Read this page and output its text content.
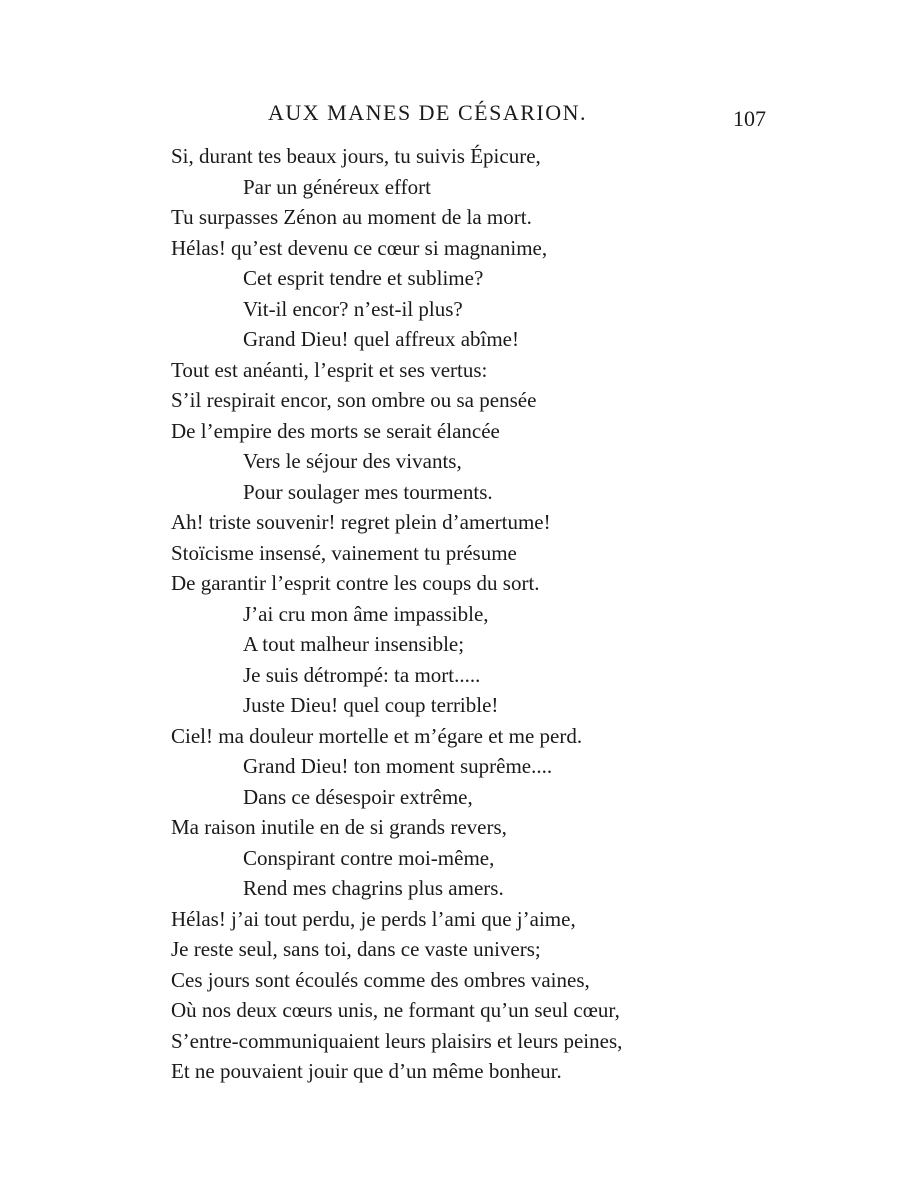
AUX MANES DE CÉSARION.	107
Si, durant tes beaux jours, tu suivis Épicure,
Par un généreux effort
Tu surpasses Zénon au moment de la mort.
Hélas! qu’est devenu ce cœur si magnanime,
Cet esprit tendre et sublime?
Vit-il encor? n’est-il plus?
Grand Dieu! quel affreux abîme!
Tout est anéanti, l’esprit et ses vertus:
S’il respirait encor, son ombre ou sa pensée
De l’empire des morts se serait élancée
Vers le séjour des vivants,
Pour soulager mes tourments.
Ah! triste souvenir! regret plein d’amertume!
Stoïcisme insensé, vainement tu présume
De garantir l’esprit contre les coups du sort.
J’ai cru mon âme impassible,
A tout malheur insensible;
Je suis détrompé: ta mort.....
Juste Dieu! quel coup terrible!
Ciel! ma douleur mortelle et m’égare et me perd.
Grand Dieu! ton moment suprême....
Dans ce désespoir extrême,
Ma raison inutile en de si grands revers,
Conspirant contre moi-même,
Rend mes chagrins plus amers.
Hélas! j’ai tout perdu, je perds l’ami que j’aime,
Je reste seul, sans toi, dans ce vaste univers;
Ces jours sont écoulés comme des ombres vaines,
Où nos deux cœurs unis, ne formant qu’un seul cœur,
S’entre-communiquaient leurs plaisirs et leurs peines,
Et ne pouvaient jouir que d’un même bonheur.
